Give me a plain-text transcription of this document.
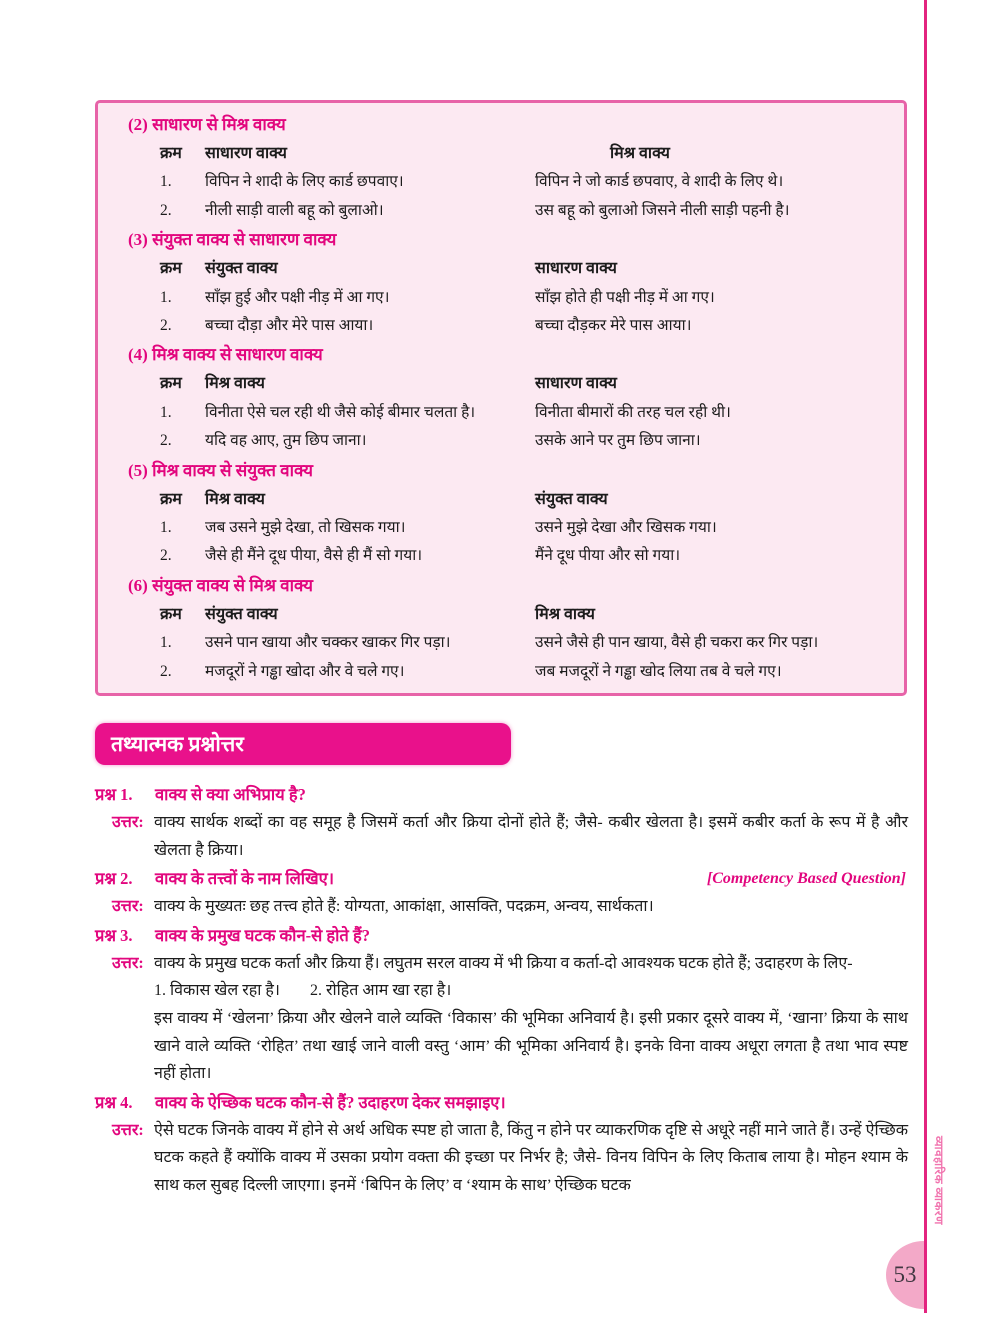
व्यावहारिक व्याकरण
53
(2) साधारण से मिश्र वाक्य
क्रम	साधारण वाक्य	मिश्र वाक्य
1.	विपिन ने शादी के लिए कार्ड छपवाए।	विपिन ने जो कार्ड छपवाए, वे शादी के लिए थे।
2.	नीली साड़ी वाली बहू को बुलाओ।	उस बहू को बुलाओ जिसने नीली साड़ी पहनी है।
(3) संयुक्त वाक्य से साधारण वाक्य
क्रम	संयुक्त वाक्य	साधारण वाक्य
1.	साँझ हुई और पक्षी नीड़ में आ गए।	साँझ होते ही पक्षी नीड़ में आ गए।
2.	बच्चा दौड़ा और मेरे पास आया।	बच्चा दौड़कर मेरे पास आया।
(4) मिश्र वाक्य से साधारण वाक्य
क्रम	मिश्र वाक्य	साधारण वाक्य
1.	विनीता ऐसे चल रही थी जैसे कोई बीमार चलता है।	विनीता बीमारों की तरह चल रही थी।
2.	यदि वह आए, तुम छिप जाना।	उसके आने पर तुम छिप जाना।
(5) मिश्र वाक्य से संयुक्त वाक्य
क्रम	मिश्र वाक्य	संयुक्त वाक्य
1.	जब उसने मुझे देखा, तो खिसक गया।	उसने मुझे देखा और खिसक गया।
2.	जैसे ही मैंने दूध पीया, वैसे ही मैं सो गया।	मैंने दूध पीया और सो गया।
(6) संयुक्त वाक्य से मिश्र वाक्य
क्रम	संयुक्त वाक्य	मिश्र वाक्य
1.	उसने पान खाया और चक्कर खाकर गिर पड़ा।	उसने जैसे ही पान खाया, वैसे ही चकरा कर गिर पड़ा।
2.	मजदूरों ने गड्ढा खोदा और वे चले गए।	जब मजदूरों ने गड्ढा खोद लिया तब वे चले गए।
तथ्यात्मक प्रश्नोत्तर
प्रश्न 1.	वाक्य से क्या अभिप्राय है?
उत्तर: वाक्य सार्थक शब्दों का वह समूह है जिसमें कर्ता और क्रिया दोनों होते हैं; जैसे- कबीर खेलता है। इसमें कबीर कर्ता के रूप में है और खेलता है क्रिया।
प्रश्न 2.	वाक्य के तत्त्वों के नाम लिखिए।	[Competency Based Question]
उत्तर: वाक्य के मुख्यतः छह तत्त्व होते हैं: योग्यता, आकांक्षा, आसक्ति, पदक्रम, अन्वय, सार्थकता।
प्रश्न 3.	वाक्य के प्रमुख घटक कौन-से होते हैं?
उत्तर: वाक्य के प्रमुख घटक कर्ता और क्रिया हैं। लघुतम सरल वाक्य में भी क्रिया व कर्ता-दो आवश्यक घटक होते हैं; उदाहरण के लिए-
1. विकास खेल रहा है। 2. रोहित आम खा रहा है।
इस वाक्य में ‘खेलना’ क्रिया और खेलने वाले व्यक्ति ‘विकास’ की भूमिका अनिवार्य है। इसी प्रकार दूसरे वाक्य में, ‘खाना’ क्रिया के साथ खाने वाले व्यक्ति ‘रोहित’ तथा खाई जाने वाली वस्तु ‘आम’ की भूमिका अनिवार्य है। इनके विना वाक्य अधूरा लगता है तथा भाव स्पष्ट नहीं होता।
प्रश्न 4.	वाक्य के ऐच्छिक घटक कौन-से हैं? उदाहरण देकर समझाइए।
उत्तर: ऐसे घटक जिनके वाक्य में होने से अर्थ अधिक स्पष्ट हो जाता है, किंतु न होने पर व्याकरणिक दृष्टि से अधूरे नहीं माने जाते हैं। उन्हें ऐच्छिक घटक कहते हैं क्योंकि वाक्य में उसका प्रयोग वक्ता की इच्छा पर निर्भर है; जैसे- विनय विपिन के लिए किताब लाया है। मोहन श्याम के साथ कल सुबह दिल्ली जाएगा। इनमें ‘बिपिन के लिए’ व ‘श्याम के साथ’ ऐच्छिक घटक
